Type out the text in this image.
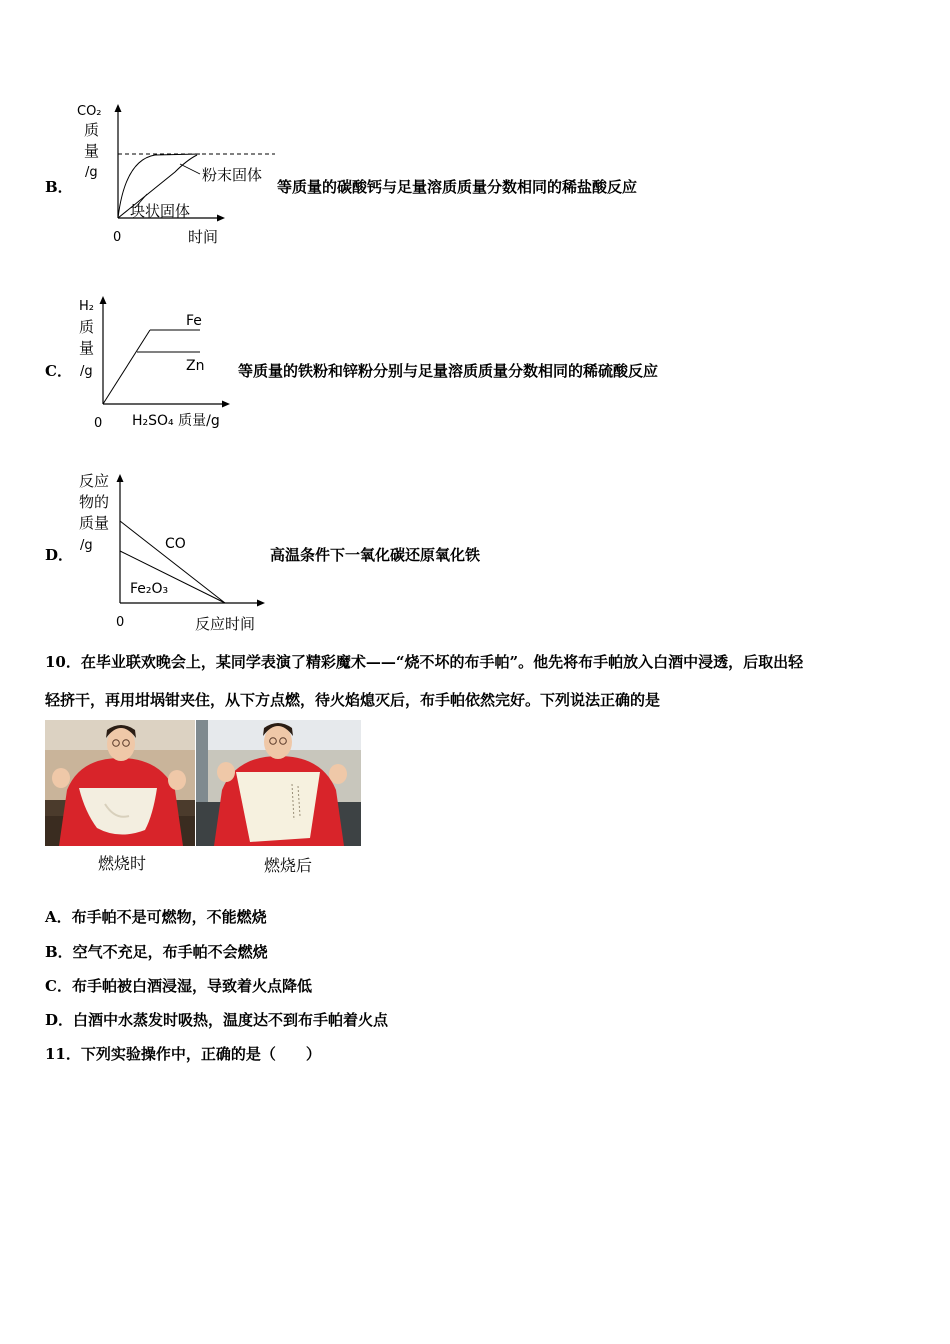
B．
CO₂
质
量
/g	粉末固体
块状固体
0	时间
等质量的碳酸钙与足量溶质质量分数相同的稀盐酸反应
C．
H₂
质
量
/g
Fe
Zn
0 H₂SO₄ 质量/g
等质量的铁粉和锌粉分别与足量溶质质量分数相同的稀硫酸反应
D．
反应
物的
质量
/g	CO
Fe₂O₃
0	反应时间
高温条件下一氧化碳还原氧化铁
10．在毕业联欢晚会上，某同学表演了精彩魔术——“烧不坏的布手帕”。他先将布手帕放入白酒中浸透，后取出轻
轻挤干，再用坩埚钳夹住，从下方点燃，待火焰熄灭后，布手帕依然完好。下列说法正确的是
燃烧时	燃烧后
A．布手帕不是可燃物，不能燃烧
B．空气不充足，布手帕不会燃烧
C．布手帕被白酒浸湿，导致着火点降低
D．白酒中水蒸发时吸热，温度达不到布手帕着火点
11．下列实验操作中，正确的是（　　）
